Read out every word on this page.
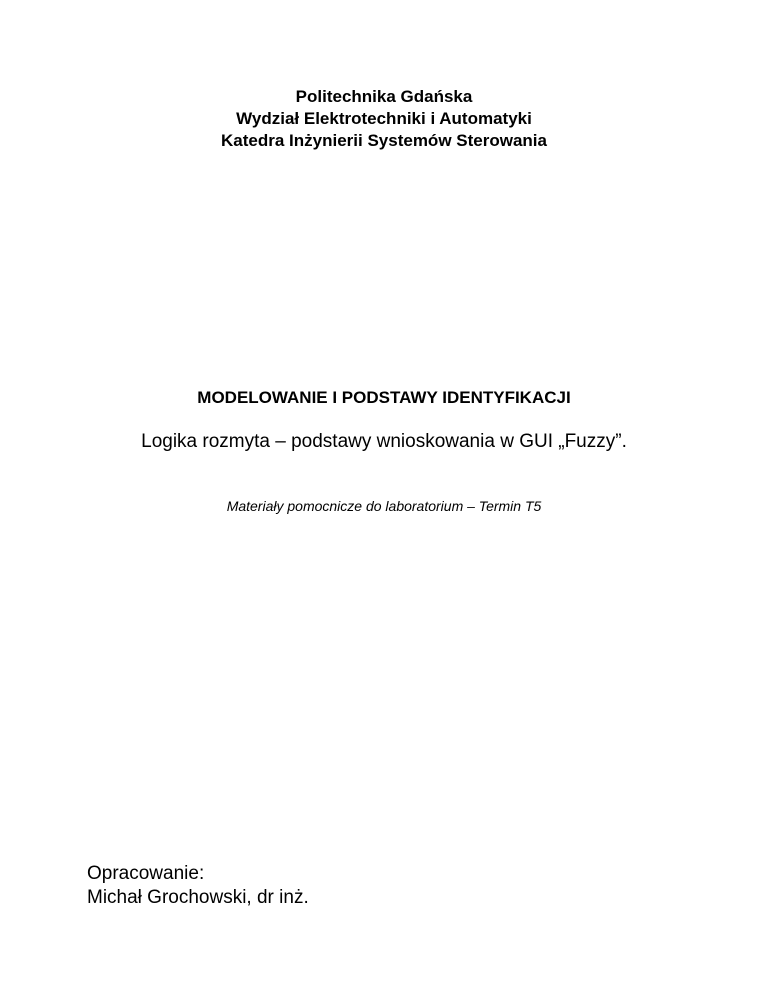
Politechnika Gdańska
Wydział Elektrotechniki i Automatyki
Katedra Inżynierii Systemów Sterowania
MODELOWANIE I PODSTAWY IDENTYFIKACJI
Logika rozmyta – podstawy wnioskowania w GUI „Fuzzy”.
Materiały pomocnicze do laboratorium – Termin T5
Opracowanie:
Michał Grochowski, dr inż.
